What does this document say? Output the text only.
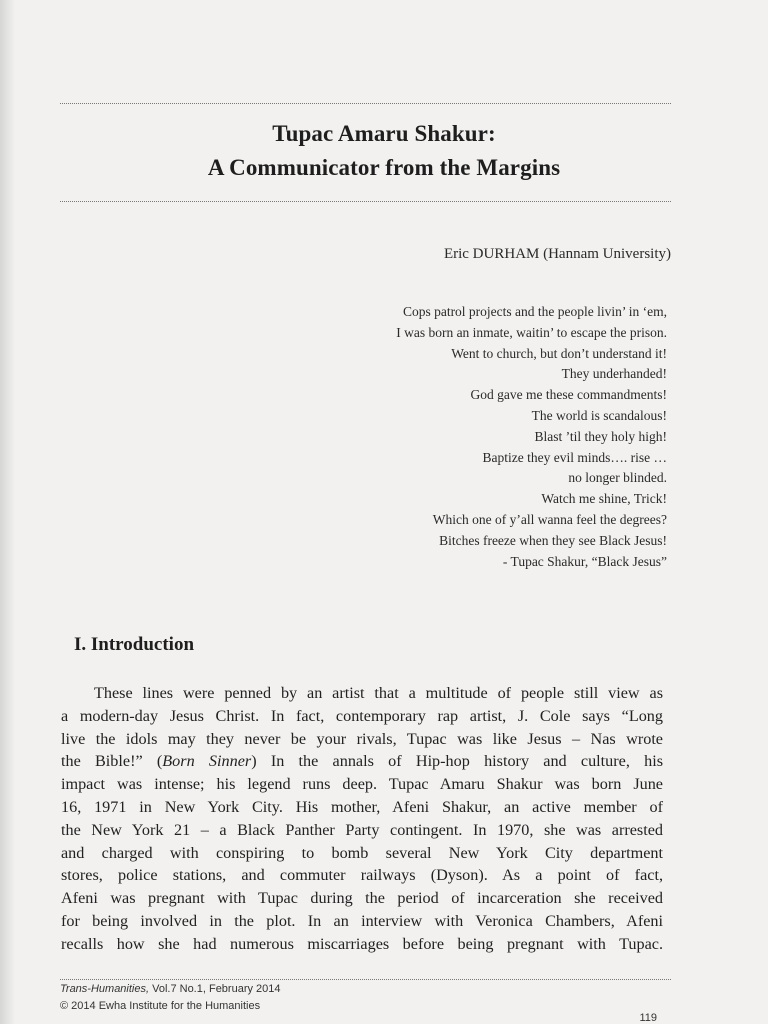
Tupac Amaru Shakur:
A Communicator from the Margins
Eric DURHAM (Hannam University)
Cops patrol projects and the people livin’ in ‘em,
I was born an inmate, waitin’ to escape the prison.
Went to church, but don’t understand it!
They underhanded!
God gave me these commandments!
The world is scandalous!
Blast ’til they holy high!
Baptize they evil minds…. rise …
no longer blinded.
Watch me shine, Trick!
Which one of y’all wanna feel the degrees?
Bitches freeze when they see Black Jesus!
- Tupac Shakur, “Black Jesus”
I. Introduction
These lines were penned by an artist that a multitude of people still view as
a modern-day Jesus Christ. In fact, contemporary rap artist, J. Cole says “Long
live the idols may they never be your rivals, Tupac was like Jesus – Nas wrote
the Bible!” (Born Sinner) In the annals of Hip-hop history and culture, his
impact was intense; his legend runs deep. Tupac Amaru Shakur was born June
16, 1971 in New York City. His mother, Afeni Shakur, an active member of
the New York 21 – a Black Panther Party contingent. In 1970, she was arrested
and charged with conspiring to bomb several New York City department
stores, police stations, and commuter railways (Dyson). As a point of fact,
Afeni was pregnant with Tupac during the period of incarceration she received
for being involved in the plot. In an interview with Veronica Chambers, Afeni
recalls how she had numerous miscarriages before being pregnant with Tupac.
Trans-Humanities, Vol.7 No.1, February 2014
© 2014 Ewha Institute for the Humanities
119
